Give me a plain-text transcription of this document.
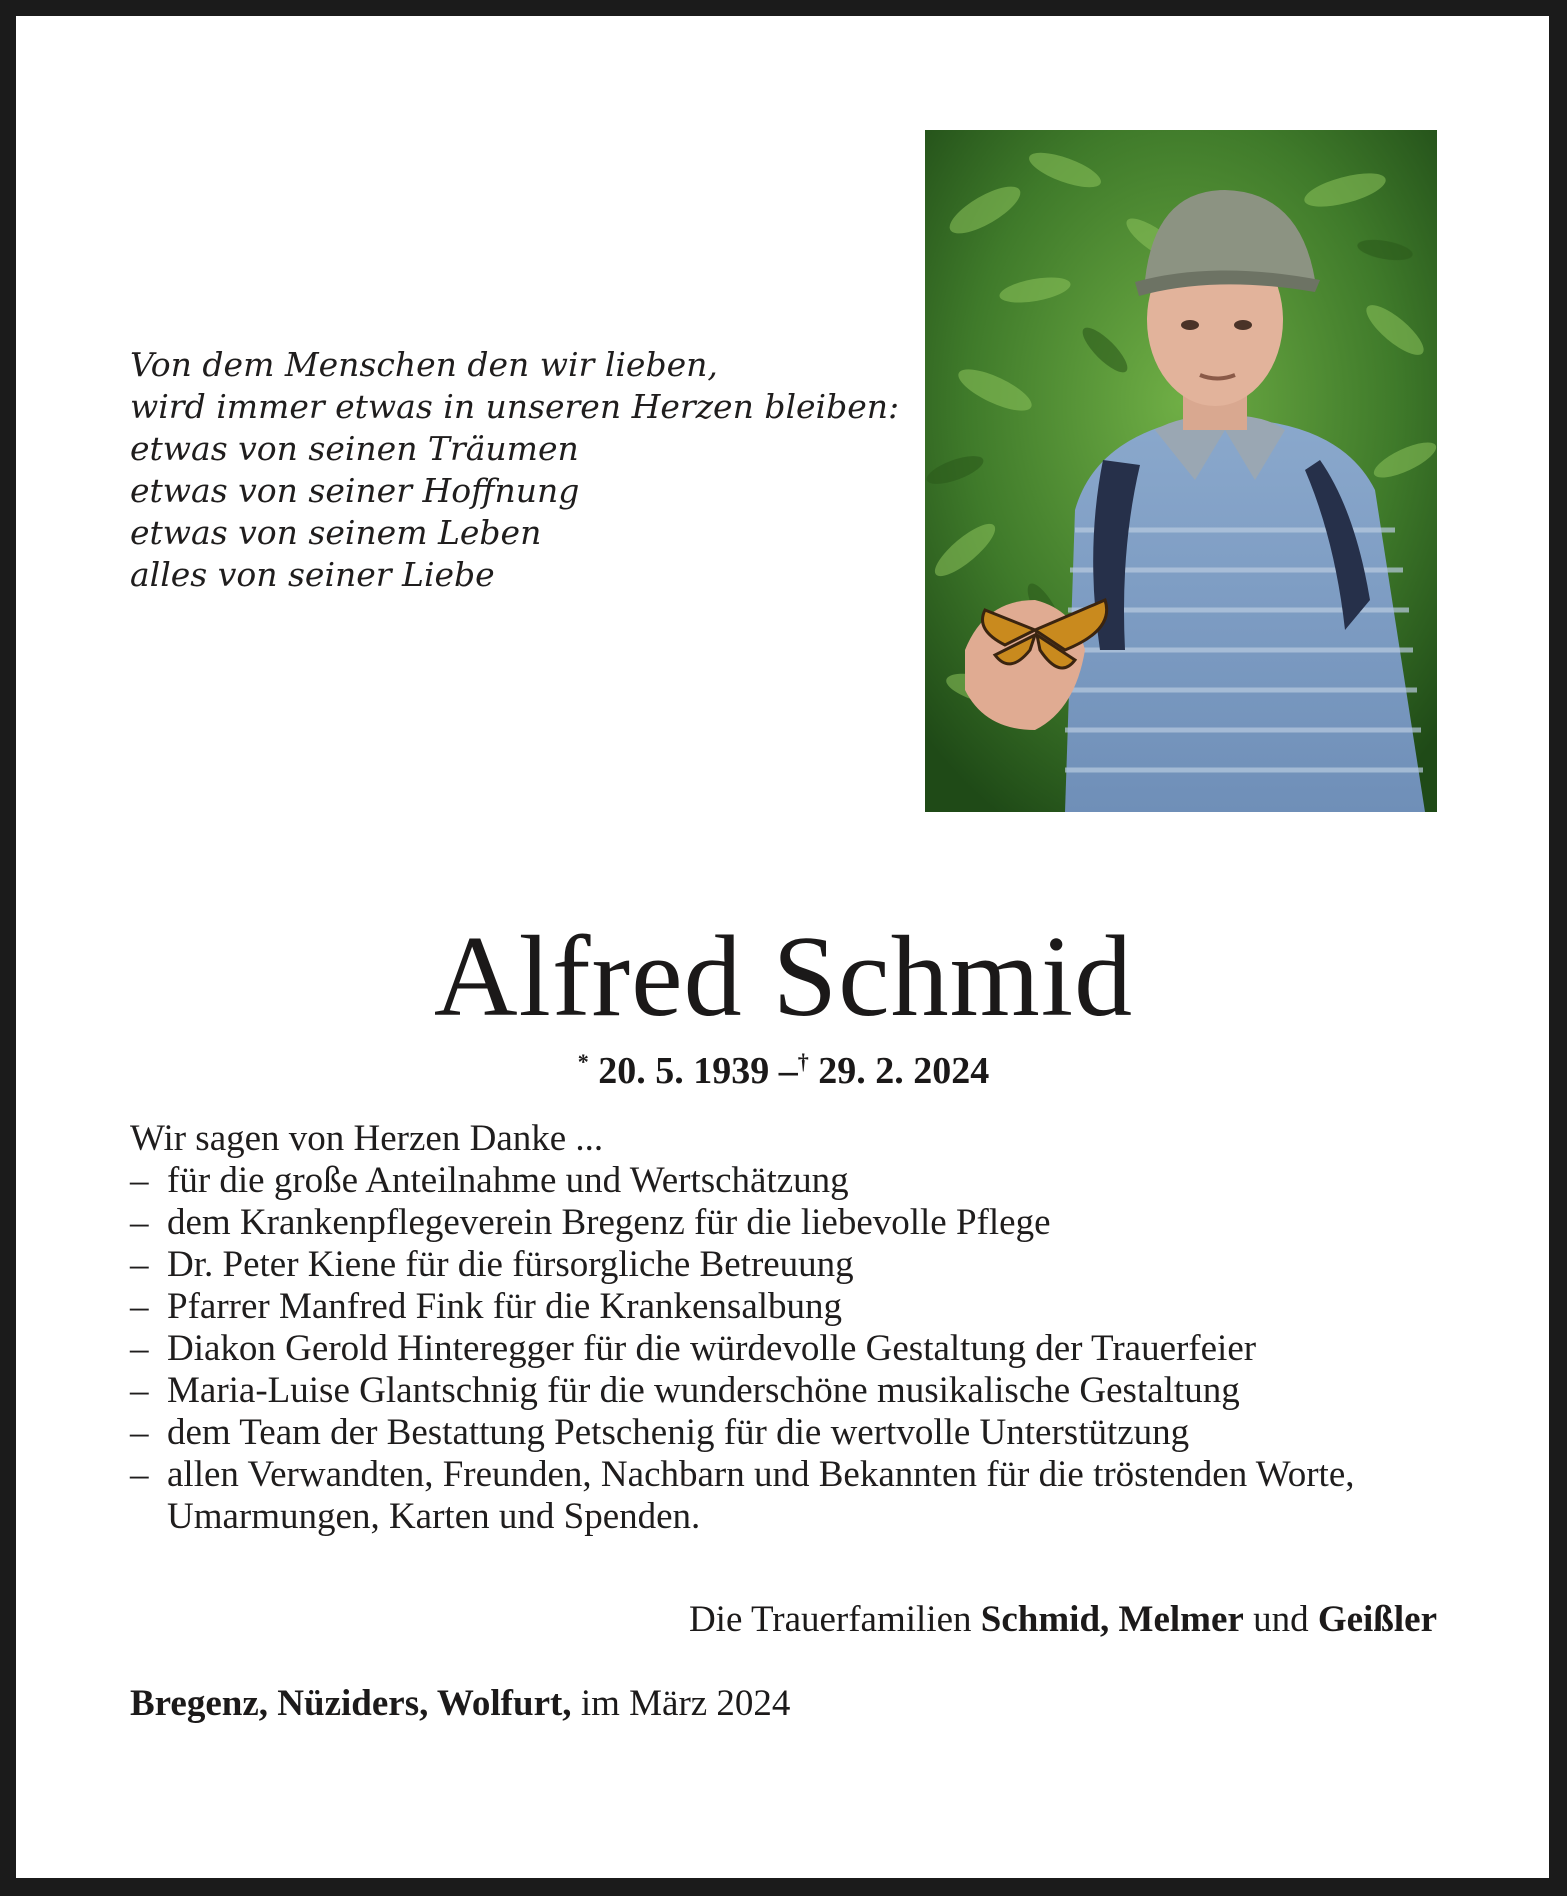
Von dem Menschen den wir lieben,
wird immer etwas in unseren Herzen bleiben:
etwas von seinen Träumen
etwas von seiner Hoffnung
etwas von seinem Leben
alles von seiner Liebe
Alfred Schmid
* 20. 5. 1939 –† 29. 2. 2024
Wir sagen von Herzen Danke ...
– für die große Anteilnahme und Wertschätzung
– dem Krankenpflegeverein Bregenz für die liebevolle Pflege
– Dr. Peter Kiene für die fürsorgliche Betreuung
– Pfarrer Manfred Fink für die Krankensalbung
– Diakon Gerold Hinteregger für die würdevolle Gestaltung der Trauerfeier
– Maria-Luise Glantschnig für die wunderschöne musikalische Gestaltung
– dem Team der Bestattung Petschenig für die wertvolle Unterstützung
– allen Verwandten, Freunden, Nachbarn und Bekannten für die tröstenden Worte, Umarmungen, Karten und Spenden.
Die Trauerfamilien Schmid, Melmer und Geißler
Bregenz, Nüziders, Wolfurt, im März 2024
